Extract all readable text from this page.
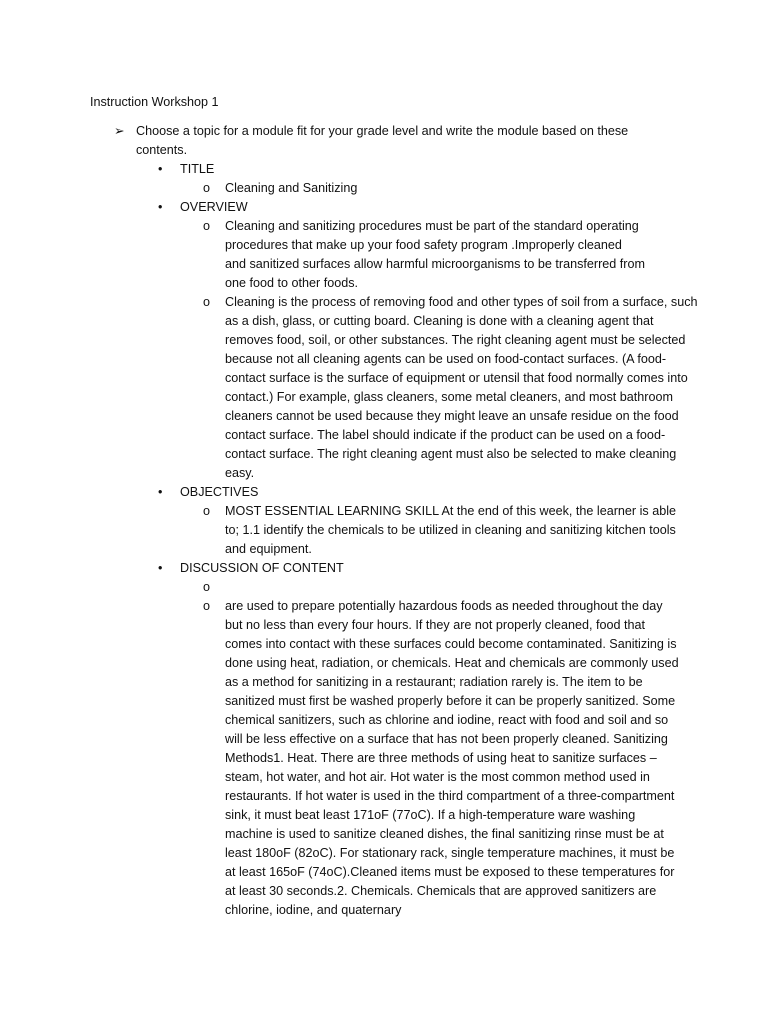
Instruction Workshop 1
➢ Choose a topic for a module fit for your grade level and write the module based on these contents.
•	TITLE
o	Cleaning and Sanitizing
•	OVERVIEW
o	Cleaning and sanitizing procedures must be part of the standard operating procedures that make up your food safety program .Improperly cleaned and sanitized surfaces allow harmful microorganisms to be transferred from one food to other foods.
o	Cleaning is the process of removing food and other types of soil from a surface, such as a dish, glass, or cutting board. Cleaning is done with a cleaning agent that removes food, soil, or other substances. The right cleaning agent must be selected because not all cleaning agents can be used on food-contact surfaces. (A food-contact surface is the surface of equipment or utensil that food normally comes into contact.) For example, glass cleaners, some metal cleaners, and most bathroom cleaners cannot be used because they might leave an unsafe residue on the food contact surface. The label should indicate if the product can be used on a food-contact surface. The right cleaning agent must also be selected to make cleaning easy.
•	OBJECTIVES
o	MOST ESSENTIAL LEARNING SKILL At the end of this week, the learner is able to; 1.1 identify the chemicals to be utilized in cleaning and sanitizing kitchen tools and equipment.
•	DISCUSSION OF CONTENT
o
o	are used to prepare potentially hazardous foods as needed throughout the day but no less than every four hours. If they are not properly cleaned, food that comes into contact with these surfaces could become contaminated. Sanitizing is done using heat, radiation, or chemicals. Heat and chemicals are commonly used as a method for sanitizing in a restaurant; radiation rarely is. The item to be sanitized must first be washed properly before it can be properly sanitized. Some chemical sanitizers, such as chlorine and iodine, react with food and soil and so will be less effective on a surface that has not been properly cleaned. Sanitizing Methods1. Heat. There are three methods of using heat to sanitize surfaces – steam, hot water, and hot air. Hot water is the most common method used in restaurants. If hot water is used in the third compartment of a three-compartment sink, it must beat least 171oF (77oC). If a high-temperature ware washing machine is used to sanitize cleaned dishes, the final sanitizing rinse must be at least 180oF (82oC). For stationary rack, single temperature machines, it must be at least 165oF (74oC).Cleaned items must be exposed to these temperatures for at least 30 seconds.2. Chemicals. Chemicals that are approved sanitizers are chlorine, iodine, and quaternary
